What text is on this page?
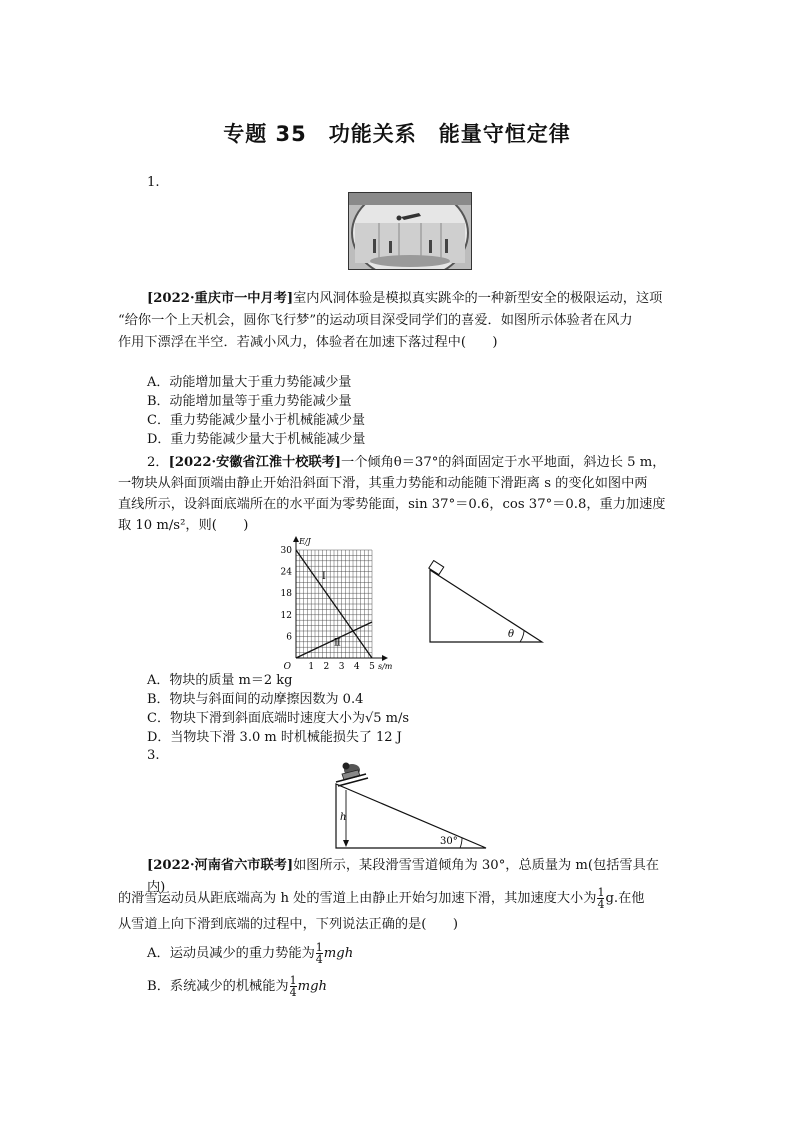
专题 35　功能关系　能量守恒定律
1.
[2022·重庆市一中月考]室内风洞体验是模拟真实跳伞的一种新型安全的极限运动，这项
“给你一个上天机会，圆你飞行梦”的运动项目深受同学们的喜爱．如图所示体验者在风力
作用下漂浮在半空．若减小风力，体验者在加速下落过程中(　　)
A．动能增加量大于重力势能减少量
B．动能增加量等于重力势能减少量
C．重力势能减少量小于机械能减少量
D．重力势能减少量大于机械能减少量
2．[2022·安徽省江淮十校联考]一个倾角θ＝37°的斜面固定于水平地面，斜边长 5 m，
一物块从斜面顶端由静止开始沿斜面下滑，其重力势能和动能随下滑距离 s 的变化如图中两
直线所示，设斜面底端所在的水平面为零势能面，sin 37°＝0.6，cos 37°＝0.8，重力加速度
取 10 m/s²，则(　　)
Ⅰ
Ⅱ
1 2 3 4 5
6
12
18
24
30
O
E/J
s/m
θ
A．物块的质量 m＝2 kg
B．物块与斜面间的动摩擦因数为 0.4
C．物块下滑到斜面底端时速度大小为√5 m/s
D．当物块下滑 3.0 m 时机械能损失了 12 J
3.
h
30°
[2022·河南省六市联考]如图所示，某段滑雪雪道倾角为 30°，总质量为 m(包括雪具在内)
的滑雪运动员从距底端高为 h 处的雪道上由静止开始匀加速下滑，其加速度大小为 $\frac{1}{4} g$.在他
从雪道上向下滑到底端的过程中，下列说法正确的是(　　)
A．运动员减少的重力势能为 $\frac{1}{4}$ mgh
B．系统减少的机械能为 $\frac{1}{4}$ mgh
